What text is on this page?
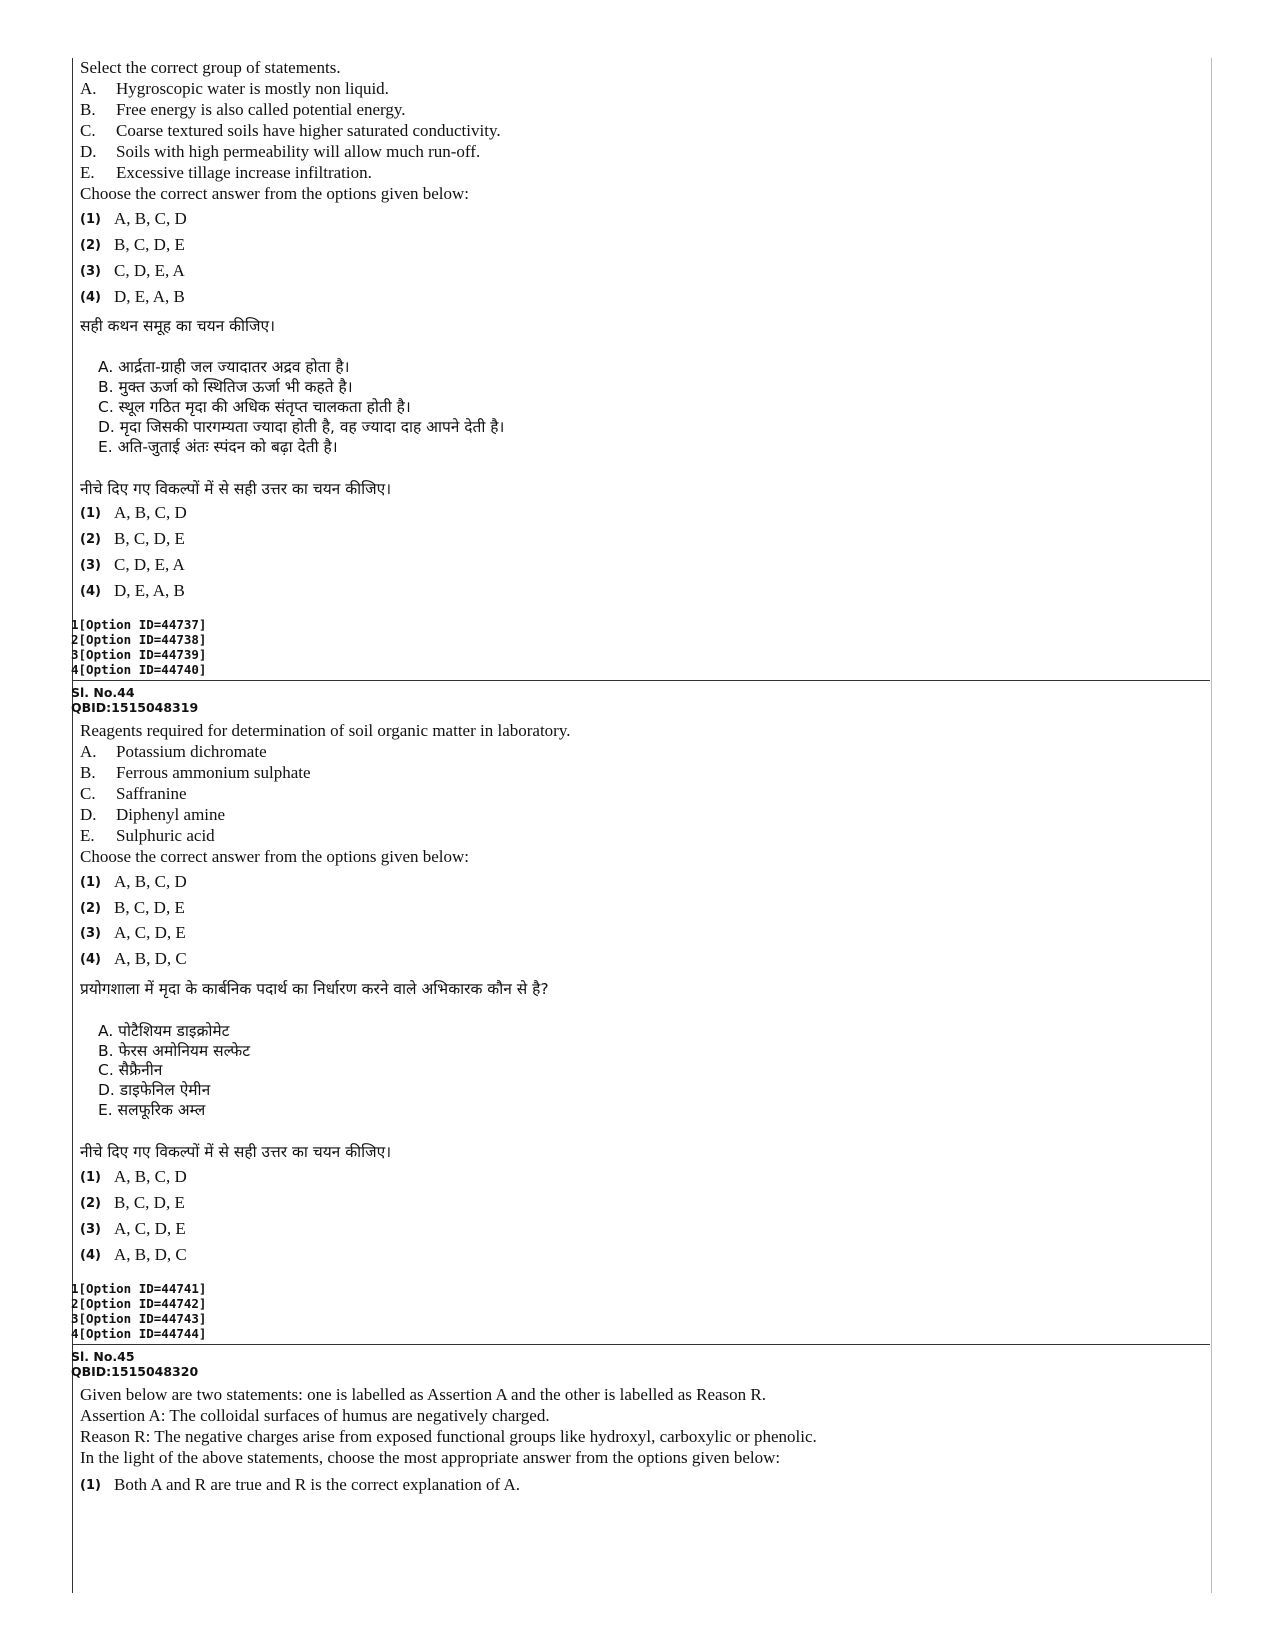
Select the correct group of statements.
A. Hygroscopic water is mostly non liquid.
B. Free energy is also called potential energy.
C. Coarse textured soils have higher saturated conductivity.
D. Soils with high permeability will allow much run-off.
E. Excessive tillage increase infiltration.
Choose the correct answer from the options given below:
(1) A, B, C, D
(2) B, C, D, E
(3) C, D, E, A
(4) D, E, A, B
सही कथन समूह का चयन कीजिए।
A. आर्द्रता-ग्राही जल ज्यादातर अद्रव होता है।
B. मुक्त ऊर्जा को स्थितिज ऊर्जा भी कहते है।
C. स्थूल गठित मृदा की अधिक संतृप्त चालकता होती है।
D. मृदा जिसकी पारगम्यता ज्यादा होती है, वह ज्यादा दाह आपने देती है।
E. अति-जुताई अंतः स्पंदन को बढ़ा देती है।
नीचे दिए गए विकल्पों में से सही उत्तर का चयन कीजिए।
(1) A, B, C, D
(2) B, C, D, E
(3) C, D, E, A
(4) D, E, A, B
1[Option ID=44737]
2[Option ID=44738]
3[Option ID=44739]
4[Option ID=44740]
Sl. No.44
QBID:1515048319
Reagents required for determination of soil organic matter in laboratory.
A. Potassium dichromate
B. Ferrous ammonium sulphate
C. Saffranine
D. Diphenyl amine
E. Sulphuric acid
Choose the correct answer from the options given below:
(1) A, B, C, D
(2) B, C, D, E
(3) A, C, D, E
(4) A, B, D, C
प्रयोगशाला में मृदा के कार्बनिक पदार्थ का निर्धारण करने वाले अभिकारक कौन से है?
A. पोटैशियम डाइक्रोमेट
B. फेरस अमोनियम सल्फेट
C. सैफ्रैनीन
D. डाइफेनिल ऐमीन
E. सलफूरिक अम्ल
नीचे दिए गए विकल्पों में से सही उत्तर का चयन कीजिए।
(1) A, B, C, D
(2) B, C, D, E
(3) A, C, D, E
(4) A, B, D, C
1[Option ID=44741]
2[Option ID=44742]
3[Option ID=44743]
4[Option ID=44744]
Sl. No.45
QBID:1515048320
Given below are two statements: one is labelled as Assertion A and the other is labelled as Reason R.
Assertion A: The colloidal surfaces of humus are negatively charged.
Reason R: The negative charges arise from exposed functional groups like hydroxyl, carboxylic or phenolic.
In the light of the above statements, choose the most appropriate answer from the options given below:
(1) Both A and R are true and R is the correct explanation of A.
